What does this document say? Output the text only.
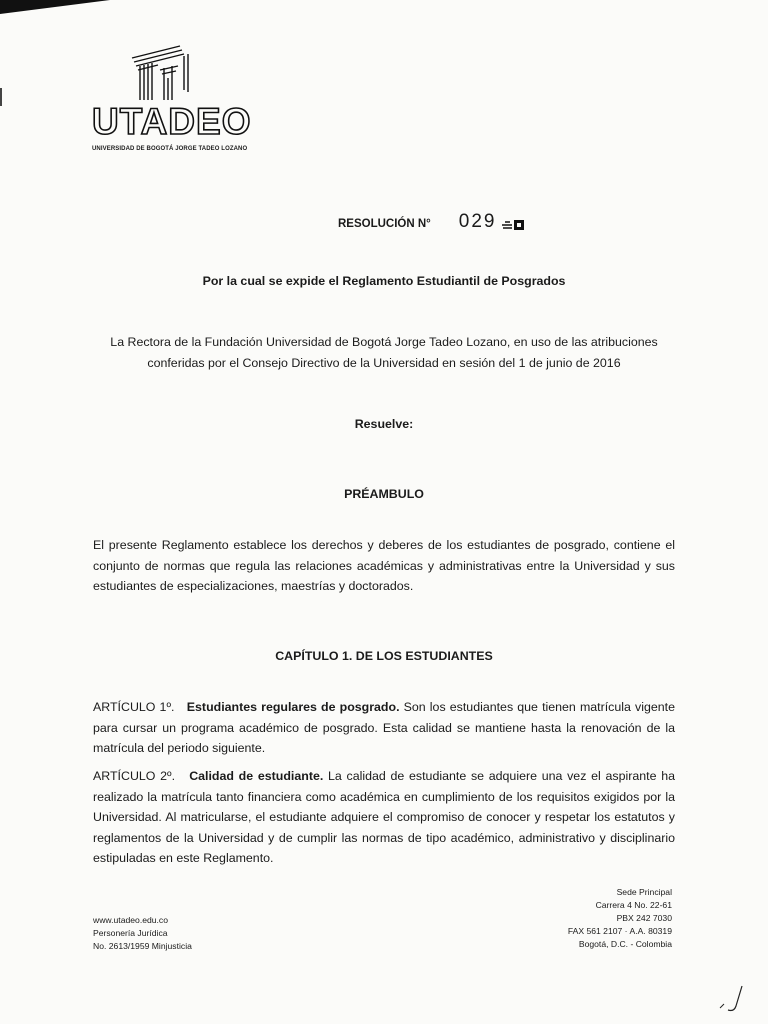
UTADEO
UNIVERSIDAD DE BOGOTÁ JORGE TADEO LOZANO
RESOLUCIÓN N° 029
Por la cual se expide el Reglamento Estudiantil de Posgrados
La Rectora de la Fundación Universidad de Bogotá Jorge Tadeo Lozano, en uso de las atribuciones
conferidas por el Consejo Directivo de la Universidad en sesión del 1 de junio de 2016
Resuelve:
PRÉAMBULO
El presente Reglamento establece los derechos y deberes de los estudiantes de posgrado, contiene el conjunto de normas que regula las relaciones académicas y administrativas entre la Universidad y sus estudiantes de especializaciones, maestrías y doctorados.
CAPÍTULO 1. DE LOS ESTUDIANTES
ARTÍCULO 1º. Estudiantes regulares de posgrado. Son los estudiantes que tienen matrícula vigente para cursar un programa académico de posgrado. Esta calidad se mantiene hasta la renovación de la matrícula del periodo siguiente.
ARTÍCULO 2º. Calidad de estudiante. La calidad de estudiante se adquiere una vez el aspirante ha realizado la matrícula tanto financiera como académica en cumplimiento de los requisitos exigidos por la Universidad. Al matricularse, el estudiante adquiere el compromiso de conocer y respetar los estatutos y reglamentos de la Universidad y de cumplir las normas de tipo académico, administrativo y disciplinario estipuladas en este Reglamento.
www.utadeo.edu.co
Personería Jurídica
No. 2613/1959 Minjusticia
Sede Principal
Carrera 4 No. 22-61
PBX 242 7030
FAX 561 2107 · A.A. 80319
Bogotá, D.C. - Colombia
